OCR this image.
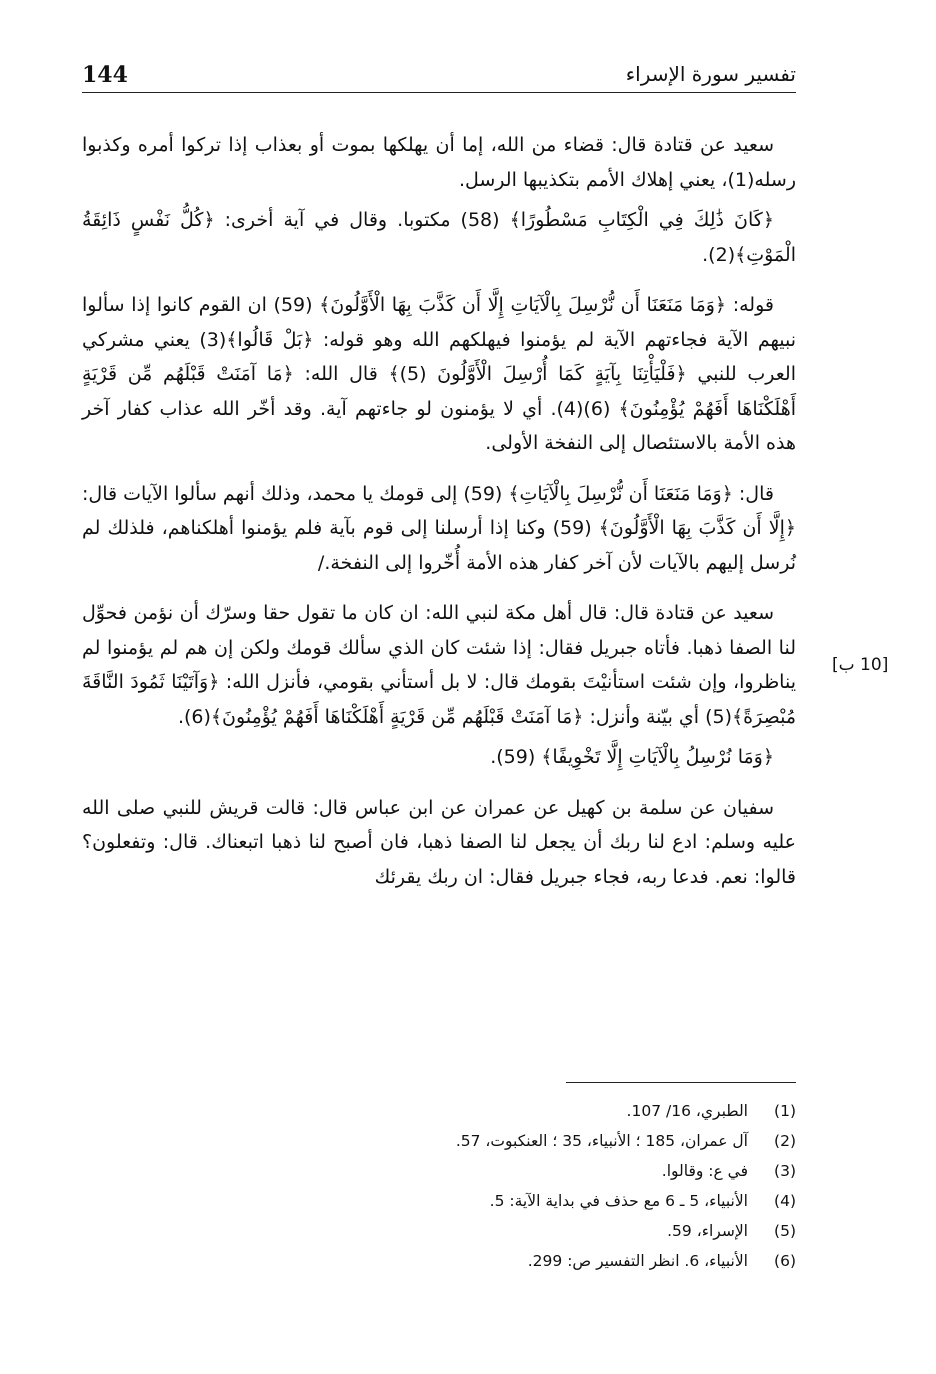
144	تفسير سورة الإسراء

سعيد عن قتادة قال: قضاء من الله، إما أن يهلكها بموت أو بعذاب إذا تركوا أمره وكذبوا رسله(1)، يعني إهلاك الأمم بتكذيبها الرسل.

﴿كَانَ ذَٰلِكَ فِي الْكِتَابِ مَسْطُورًا﴾ (58) مكتوبا. وقال في آية أخرى: ﴿كُلُّ نَفْسٍ ذَائِقَةُ الْمَوْتِ﴾(2).

قوله: ﴿وَمَا مَنَعَنَا أَن نُّرْسِلَ بِالْآيَاتِ إِلَّا أَن كَذَّبَ بِهَا الْأَوَّلُونَ﴾ (59) ان القوم كانوا إذا سألوا نبيهم الآية فجاءتهم الآية لم يؤمنوا فيهلكهم الله وهو قوله: ﴿بَلْ قَالُوا﴾(3) يعني مشركي العرب للنبي ﴿فَلْيَأْتِنَا بِآيَةٍ كَمَا أُرْسِلَ الْأَوَّلُونَ (5)﴾ قال الله: ﴿مَا آمَنَتْ قَبْلَهُم مِّن قَرْيَةٍ أَهْلَكْنَاهَا أَفَهُمْ يُؤْمِنُونَ﴾ (6)(4). أي لا يؤمنون لو جاءتهم آية. وقد أخّر الله عذاب كفار آخر هذه الأمة بالاستئصال إلى النفخة الأولى.

قال: ﴿وَمَا مَنَعَنَا أَن نُّرْسِلَ بِالْآيَاتِ﴾ (59) إلى قومك يا محمد، وذلك أنهم سألوا الآيات قال: ﴿إِلَّا أَن كَذَّبَ بِهَا الْأَوَّلُونَ﴾ (59) وكنا إذا أرسلنا إلى قوم بآية فلم يؤمنوا أهلكناهم، فلذلك لم نُرسل إليهم بالآيات لأن آخر كفار هذه الأمة أُخّروا إلى النفخة./

سعيد عن قتادة قال: قال أهل مكة لنبي الله: ان كان ما تقول حقا وسرّك أن نؤمن فحوِّل لنا الصفا ذهبا. فأتاه جبريل فقال: إذا شئت كان الذي سألك قومك ولكن إن هم لم يؤمنوا لم يناظروا، وإن شئت استأنيْتَ بقومك قال: لا بل أستأني بقومي، فأنزل الله: ﴿وَآتَيْنَا ثَمُودَ النَّاقَةَ مُبْصِرَةً﴾(5) أي بيّنة وأنزل: ﴿مَا آمَنَتْ قَبْلَهُم مِّن قَرْيَةٍ أَهْلَكْنَاهَا أَفَهُمْ يُؤْمِنُونَ﴾(6).

﴿وَمَا نُرْسِلُ بِالْآيَاتِ إِلَّا تَخْوِيفًا﴾ (59).

سفيان عن سلمة بن كهيل عن عمران عن ابن عباس قال: قالت قريش للنبي صلى الله عليه وسلم: ادع لنا ربك أن يجعل لنا الصفا ذهبا، فان أصبح لنا ذهبا اتبعناك. قال: وتفعلون؟ قالوا: نعم. فدعا ربه، فجاء جبريل فقال: ان ربك يقرئك

[10 ب]
(1)
الطبري، 16/ 107.
(2)
آل عمران، 185 ؛ الأنبياء، 35 ؛ العنكبوت، 57.
(3)
في ع: وقالوا.
(4)
الأنبياء، 5 ـ 6 مع حذف في بداية الآية: 5.
(5)
الإسراء، 59.
(6)
الأنبياء، 6. انظر التفسير ص: 299.
